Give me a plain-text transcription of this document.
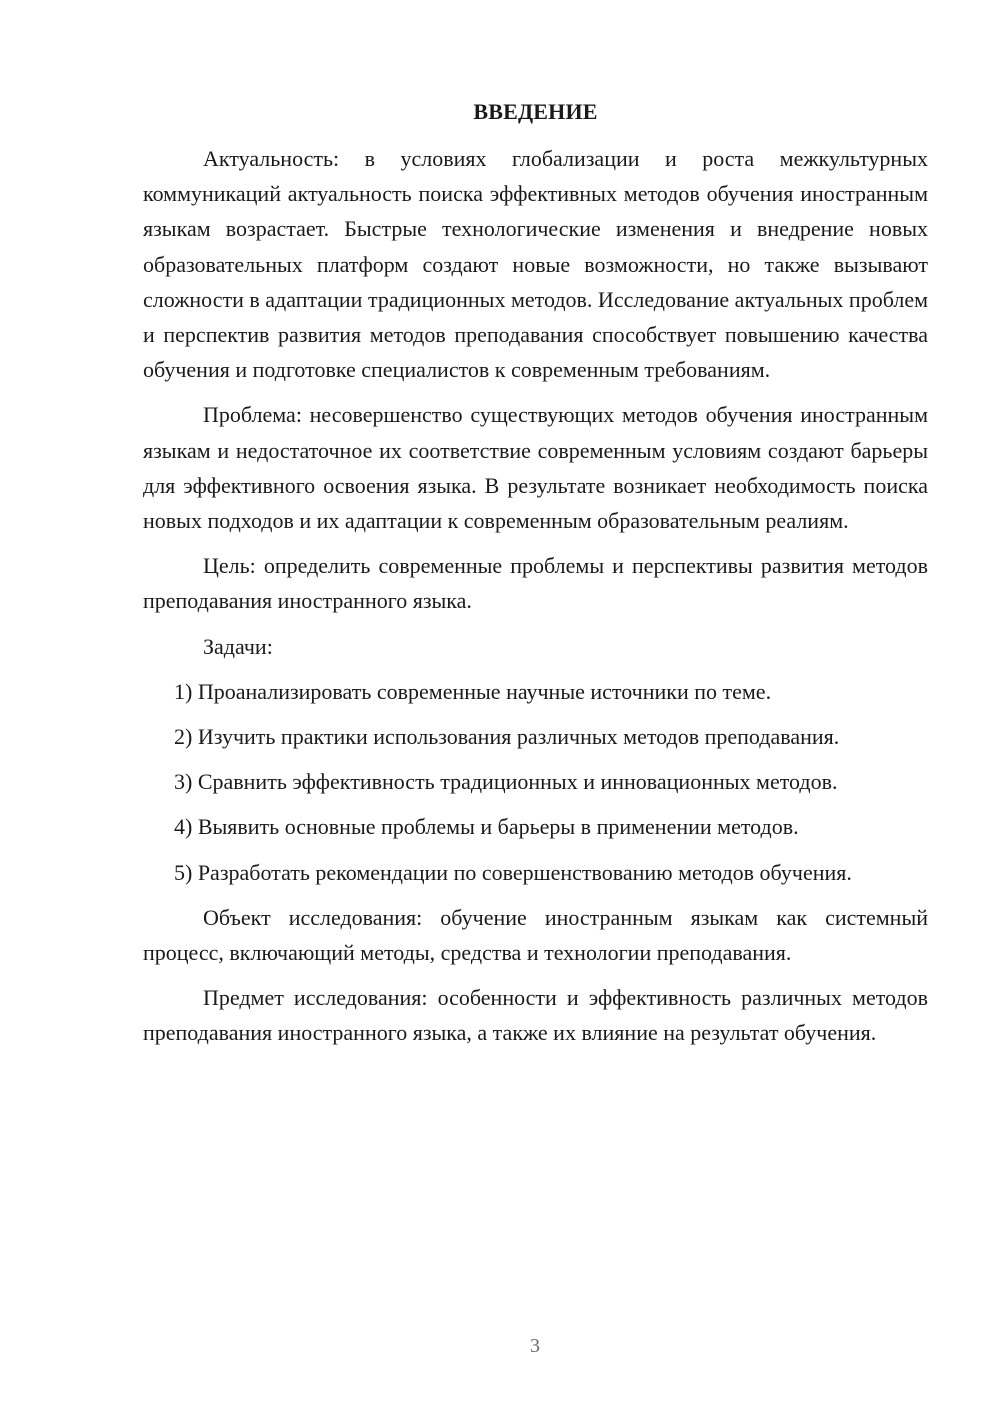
ВВЕДЕНИЕ

Актуальность: в условиях глобализации и роста межкультурных коммуникаций актуальность поиска эффективных методов обучения иностранным языкам возрастает. Быстрые технологические изменения и внедрение новых образовательных платформ создают новые возможности, но также вызывают сложности в адаптации традиционных методов. Исследование актуальных проблем и перспектив развития методов преподавания способствует повышению качества обучения и подготовке специалистов к современным требованиям.

Проблема: несовершенство существующих методов обучения иностранным языкам и недостаточное их соответствие современным условиям создают барьеры для эффективного освоения языка. В результате возникает необходимость поиска новых подходов и их адаптации к современным образовательным реалиям.

Цель: определить современные проблемы и перспективы развития методов преподавания иностранного языка.

Задачи:

1) Проанализировать современные научные источники по теме.

2) Изучить практики использования различных методов преподавания.

3) Сравнить эффективность традиционных и инновационных методов.

4) Выявить основные проблемы и барьеры в применении методов.

5) Разработать рекомендации по совершенствованию методов обучения.

Объект исследования: обучение иностранным языкам как системный процесс, включающий методы, средства и технологии преподавания.

Предмет исследования: особенности и эффективность различных методов преподавания иностранного языка, а также их влияние на результат обучения.

3
